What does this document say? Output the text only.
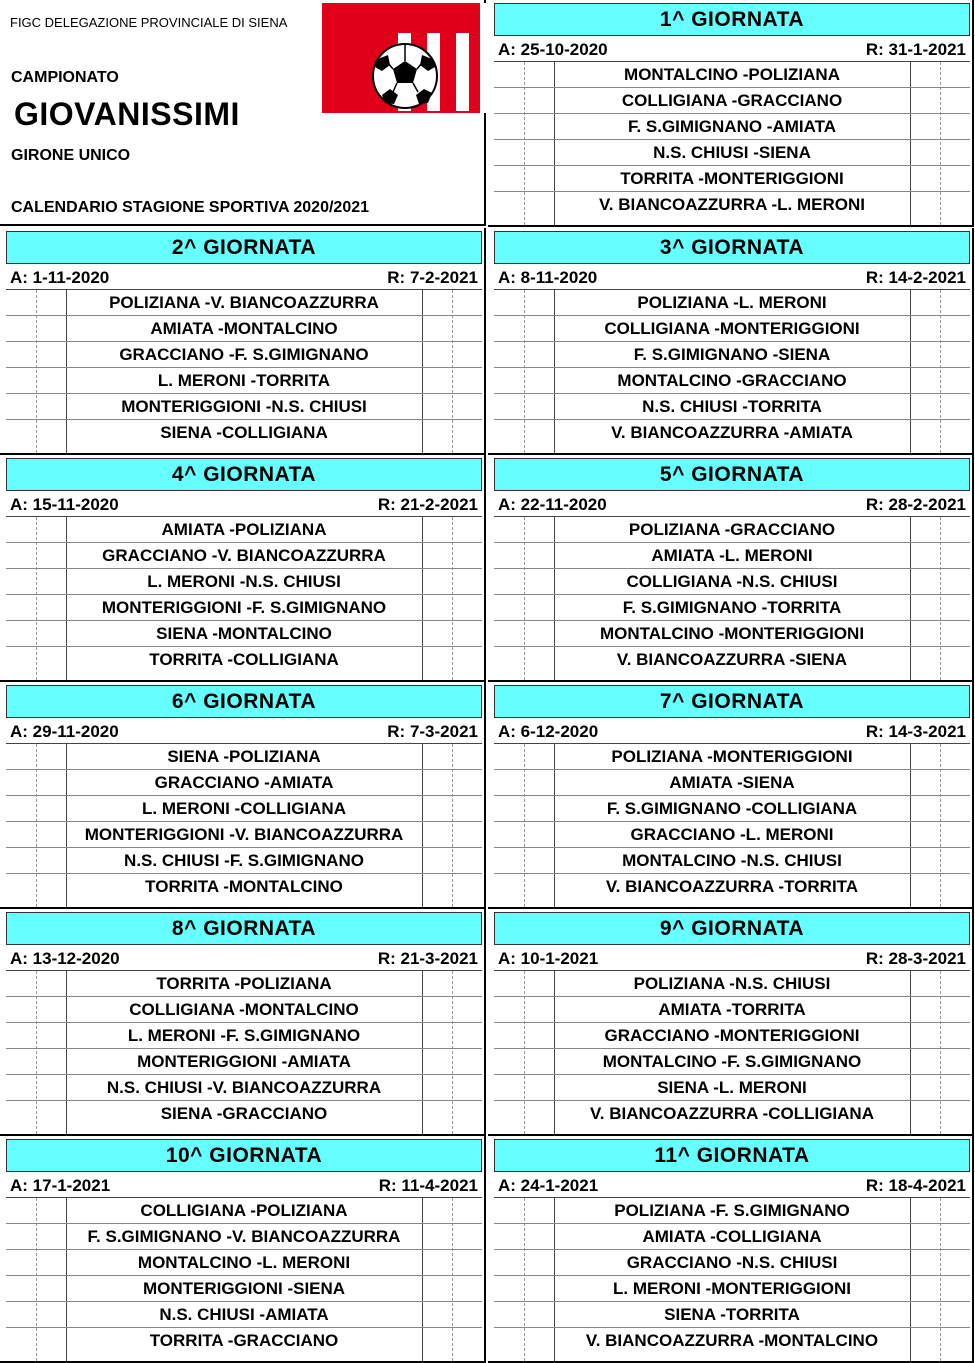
FIGC DELEGAZIONE PROVINCIALE DI SIENA
CAMPIONATO
GIOVANISSIMI
GIRONE UNICO
CALENDARIO STAGIONE SPORTIVA 2020/2021
1^ GIORNATA
A: 25-10-2020	R: 31-1-2021
MONTALCINO -POLIZIANA
COLLIGIANA -GRACCIANO
F. S.GIMIGNANO -AMIATA
N.S. CHIUSI -SIENA
TORRITA -MONTERIGGIONI
V. BIANCOAZZURRA -L. MERONI
2^ GIORNATA
A: 1-11-2020	R: 7-2-2021
POLIZIANA -V. BIANCOAZZURRA
AMIATA -MONTALCINO
GRACCIANO -F. S.GIMIGNANO
L. MERONI -TORRITA
MONTERIGGIONI -N.S. CHIUSI
SIENA -COLLIGIANA
3^ GIORNATA
A: 8-11-2020	R: 14-2-2021
POLIZIANA -L. MERONI
COLLIGIANA -MONTERIGGIONI
F. S.GIMIGNANO -SIENA
MONTALCINO -GRACCIANO
N.S. CHIUSI -TORRITA
V. BIANCOAZZURRA -AMIATA
4^ GIORNATA
A: 15-11-2020	R: 21-2-2021
AMIATA -POLIZIANA
GRACCIANO -V. BIANCOAZZURRA
L. MERONI -N.S. CHIUSI
MONTERIGGIONI -F. S.GIMIGNANO
SIENA -MONTALCINO
TORRITA -COLLIGIANA
5^ GIORNATA
A: 22-11-2020	R: 28-2-2021
POLIZIANA -GRACCIANO
AMIATA -L. MERONI
COLLIGIANA -N.S. CHIUSI
F. S.GIMIGNANO -TORRITA
MONTALCINO -MONTERIGGIONI
V. BIANCOAZZURRA -SIENA
6^ GIORNATA
A: 29-11-2020	R: 7-3-2021
SIENA -POLIZIANA
GRACCIANO -AMIATA
L. MERONI -COLLIGIANA
MONTERIGGIONI -V. BIANCOAZZURRA
N.S. CHIUSI -F. S.GIMIGNANO
TORRITA -MONTALCINO
7^ GIORNATA
A: 6-12-2020	R: 14-3-2021
POLIZIANA -MONTERIGGIONI
AMIATA -SIENA
F. S.GIMIGNANO -COLLIGIANA
GRACCIANO -L. MERONI
MONTALCINO -N.S. CHIUSI
V. BIANCOAZZURRA -TORRITA
8^ GIORNATA
A: 13-12-2020	R: 21-3-2021
TORRITA -POLIZIANA
COLLIGIANA -MONTALCINO
L. MERONI -F. S.GIMIGNANO
MONTERIGGIONI -AMIATA
N.S. CHIUSI -V. BIANCOAZZURRA
SIENA -GRACCIANO
9^ GIORNATA
A: 10-1-2021	R: 28-3-2021
POLIZIANA -N.S. CHIUSI
AMIATA -TORRITA
GRACCIANO -MONTERIGGIONI
MONTALCINO -F. S.GIMIGNANO
SIENA -L. MERONI
V. BIANCOAZZURRA -COLLIGIANA
10^ GIORNATA
A: 17-1-2021	R: 11-4-2021
COLLIGIANA -POLIZIANA
F. S.GIMIGNANO -V. BIANCOAZZURRA
MONTALCINO -L. MERONI
MONTERIGGIONI -SIENA
N.S. CHIUSI -AMIATA
TORRITA -GRACCIANO
11^ GIORNATA
A: 24-1-2021	R: 18-4-2021
POLIZIANA -F. S.GIMIGNANO
AMIATA -COLLIGIANA
GRACCIANO -N.S. CHIUSI
L. MERONI -MONTERIGGIONI
SIENA -TORRITA
V. BIANCOAZZURRA -MONTALCINO
